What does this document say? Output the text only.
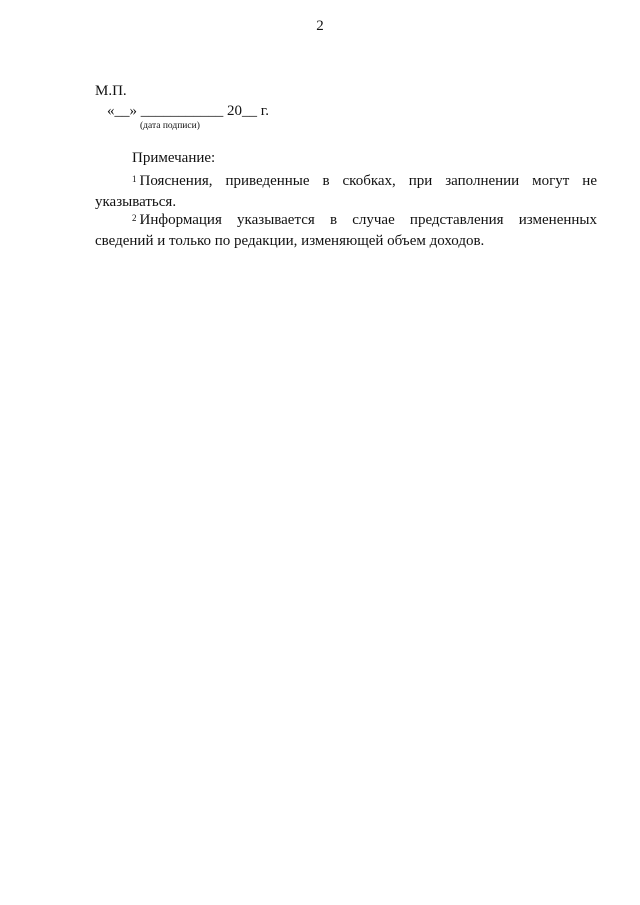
2
М.П.
«__» ___________ 20__ г.
(дата подписи)
Примечание:

$^1$ Пояснения, приведенные в скобках, при заполнении могут не указываться.

$^2$ Информация указывается в случае представления измененных сведений и только по редакции, изменяющей объем доходов.
